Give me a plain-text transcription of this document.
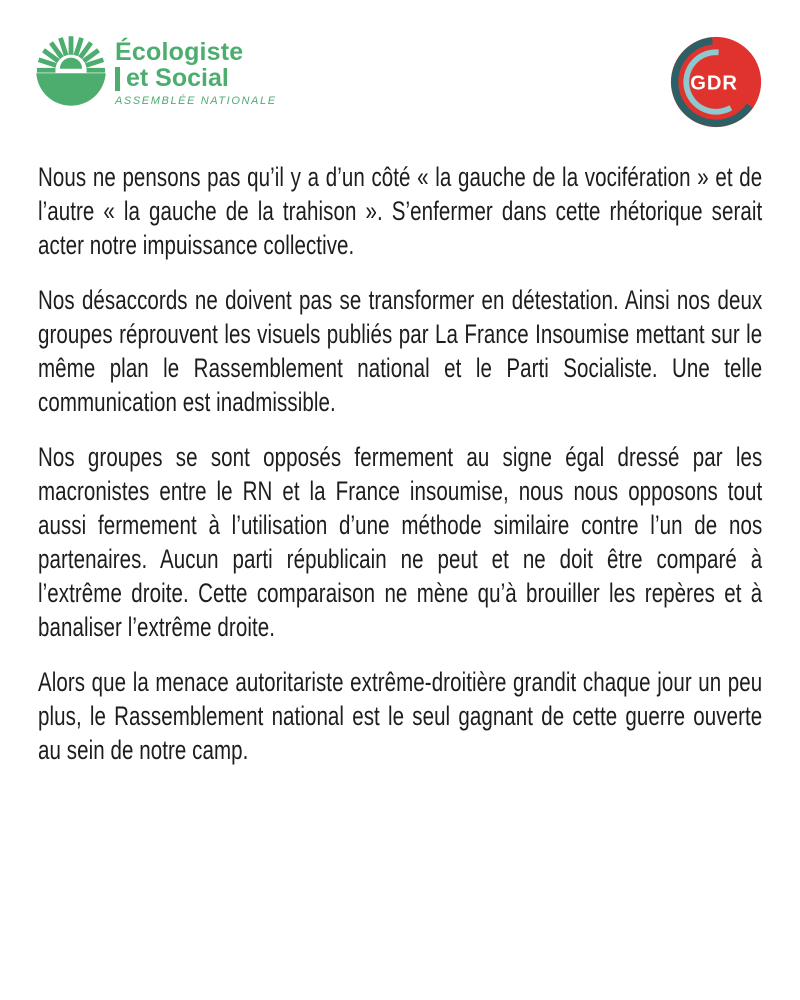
Écologiste
et Social
ASSEMBLÉE NATIONALE
GDR

Nous ne pensons pas qu’il y a d’un côté « la gauche de la vocifération » et de l’autre « la gauche de la trahison ». S’enfermer dans cette rhétorique serait acter notre impuissance collective.

Nos désaccords ne doivent pas se transformer en détestation. Ainsi nos deux groupes réprouvent les visuels publiés par La France Insoumise mettant sur le même plan le Rassemblement national et le Parti Socialiste. Une telle communication est inadmissible.

Nos groupes se sont opposés fermement au signe égal dressé par les macronistes entre le RN et la France insoumise, nous nous opposons tout aussi fermement à l’utilisation d’une méthode similaire contre l’un de nos partenaires. Aucun parti républicain ne peut et ne doit être comparé à l’extrême droite. Cette comparaison ne mène qu’à brouiller les repères et à banaliser l’extrême droite.

Alors que la menace autoritariste extrême-droitière grandit chaque jour un peu plus, le Rassemblement national est le seul gagnant de cette guerre ouverte au sein de notre camp.
